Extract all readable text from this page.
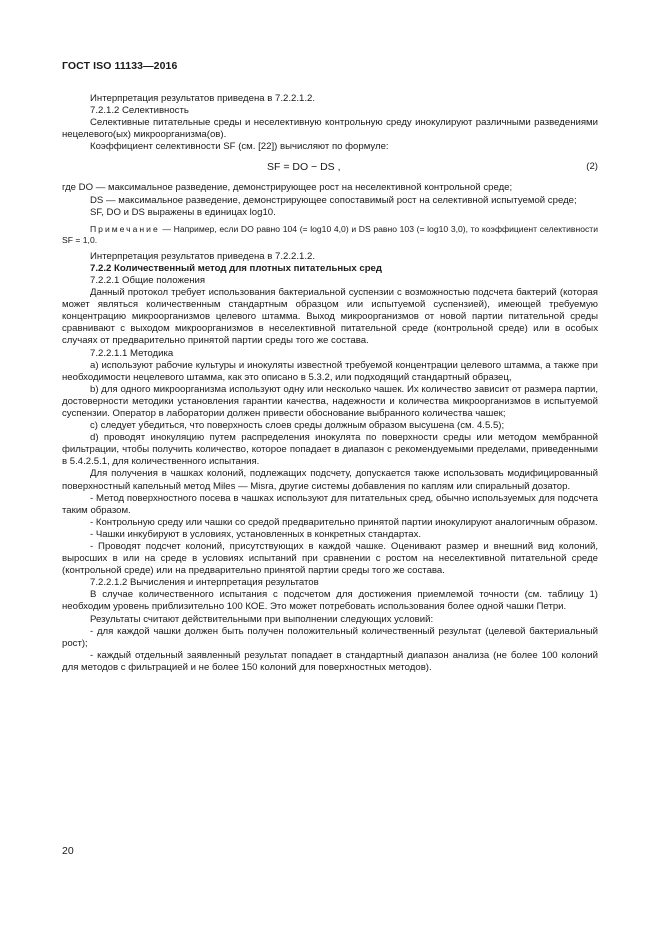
ГОСТ ISO 11133—2016

Интерпретация результатов приведена в 7.2.2.1.2.

7.2.1.2 Селективность

Селективные питательные среды и неселективную контрольную среду инокулируют различными разведениями нецелевого(ых) микроорганизма(ов).

Коэффициент селективности SF (см. [22]) вычисляют по формуле:

SF = DO − DS ,	(2)

где DO — максимальное разведение, демонстрирующее рост на неселективной контрольной среде;

DS — максимальное разведение, демонстрирующее сопоставимый рост на селективной испытуемой среде;

SF, DO и DS выражены в единицах log10.

Примечание — Например, если DO равно 104 (= log10 4,0) и DS равно 103 (= log10 3,0), то коэффициент селективности SF = 1,0.

Интерпретация результатов приведена в 7.2.2.1.2.

7.2.2 Количественный метод для плотных питательных сред

7.2.2.1 Общие положения

Данный протокол требует использования бактериальной суспензии с возможностью подсчета бактерий (которая может являться количественным стандартным образцом или испытуемой суспензией), имеющей требуемую концентрацию микроорганизмов целевого штамма. Выход микроорганизмов от новой партии питательной среды сравнивают с выходом микроорганизмов в неселективной питательной среде (контрольной среде) или в особых случаях от предварительно принятой партии среды того же состава.

7.2.2.1.1 Методика

a) используют рабочие культуры и инокуляты известной требуемой концентрации целевого штамма, а также при необходимости нецелевого штамма, как это описано в 5.3.2, или подходящий стандартный образец,

b) для одного микроорганизма используют одну или несколько чашек. Их количество зависит от размера партии, достоверности методики установления гарантии качества, надежности и количества микроорганизмов в испытуемой суспензии. Оператор в лаборатории должен привести обоснование выбранного количества чашек;

c) следует убедиться, что поверхность слоев среды должным образом высушена (см. 4.5.5);

d) проводят инокуляцию путем распределения инокулята по поверхности среды или методом мембранной фильтрации, чтобы получить количество, которое попадает в диапазон с рекомендуемыми пределами, приведенными в 5.4.2.5.1, для количественного испытания.

Для получения в чашках колоний, подлежащих подсчету, допускается также использовать модифицированный поверхностный капельный метод Miles — Misra, другие системы добавления по каплям или спиральный дозатор.

- Метод поверхностного посева в чашках используют для питательных сред, обычно используемых для подсчета таким образом.

- Контрольную среду или чашки со средой предварительно принятой партии инокулируют аналогичным образом.

- Чашки инкубируют в условиях, установленных в конкретных стандартах.

- Проводят подсчет колоний, присутствующих в каждой чашке. Оценивают размер и внешний вид колоний, выросших в или на среде в условиях испытаний при сравнении с ростом на неселективной питательной среде (контрольной среде) или на предварительно принятой партии среды того же состава.

7.2.2.1.2 Вычисления и интерпретация результатов

В случае количественного испытания с подсчетом для достижения приемлемой точности (см. таблицу 1) необходим уровень приблизительно 100 КОЕ. Это может потребовать использования более одной чашки Петри.

Результаты считают действительными при выполнении следующих условий:

- для каждой чашки должен быть получен положительный количественный результат (целевой бактериальный рост);

- каждый отдельный заявленный результат попадает в стандартный диапазон анализа (не более 100 колоний для методов с фильтрацией и не более 150 колоний для поверхностных методов).

20
